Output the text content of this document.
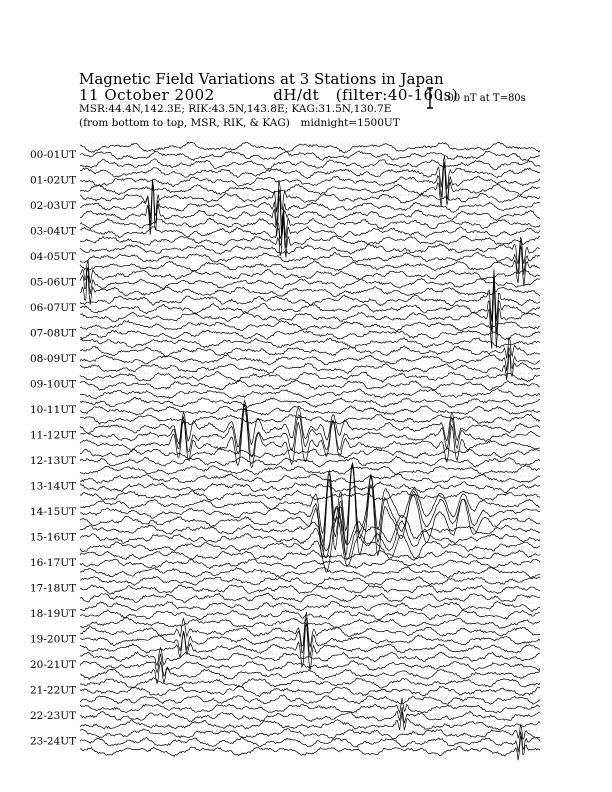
Magnetic Field Variations at 3 Stations in Japan
11 October 2002	dH/dt (filter:40-160s)
MSR:44.4N,142.3E; RIK:43.5N,143.8E; KAG:31.5N,130.7E
(from bottom to top, MSR, RIK, & KAG) midnight=1500UT
1.00 nT at T=80s
00-01UT
01-02UT
02-03UT
03-04UT
04-05UT
05-06UT
06-07UT
07-08UT
08-09UT
09-10UT
10-11UT
11-12UT
12-13UT
13-14UT
14-15UT
15-16UT
16-17UT
17-18UT
18-19UT
19-20UT
20-21UT
21-22UT
22-23UT
23-24UT
